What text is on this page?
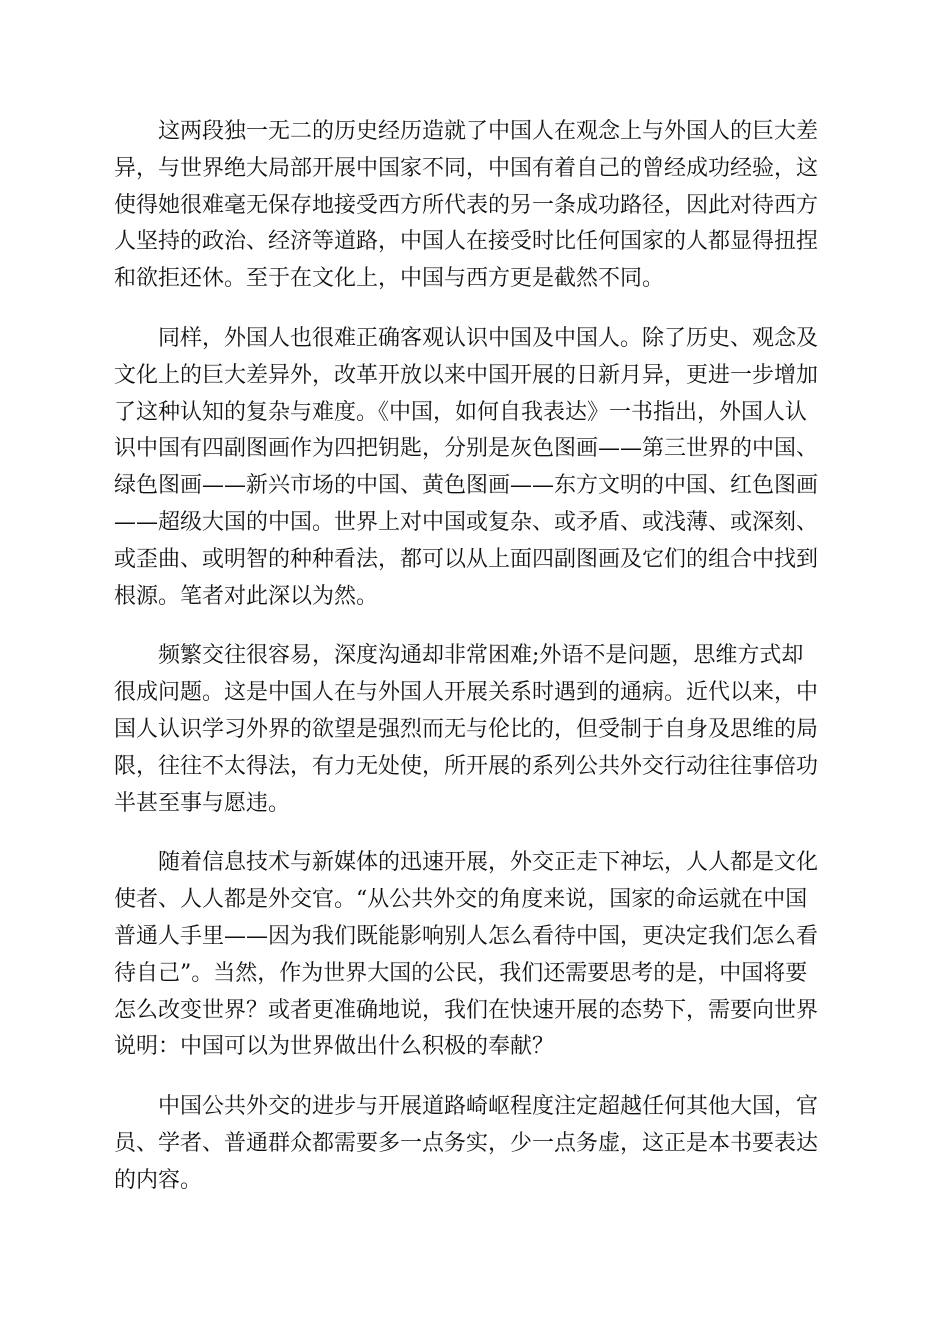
这两段独一无二的历史经历造就了中国人在观念上与外国人的巨大差
异，与世界绝大局部开展中国家不同，中国有着自己的曾经成功经验，这
使得她很难毫无保存地接受西方所代表的另一条成功路径，因此对待西方
人坚持的政治、经济等道路，中国人在接受时比任何国家的人都显得扭捏
和欲拒还休。至于在文化上，中国与西方更是截然不同。

同样，外国人也很难正确客观认识中国及中国人。除了历史、观念及
文化上的巨大差异外，改革开放以来中国开展的日新月异，更进一步增加
了这种认知的复杂与难度。《中国，如何自我表达》一书指出，外国人认
识中国有四副图画作为四把钥匙，分别是灰色图画——第三世界的中国、
绿色图画——新兴市场的中国、黄色图画——东方文明的中国、红色图画
——超级大国的中国。世界上对中国或复杂、或矛盾、或浅薄、或深刻、
或歪曲、或明智的种种看法，都可以从上面四副图画及它们的组合中找到
根源。笔者对此深以为然。

频繁交往很容易，深度沟通却非常困难;外语不是问题，思维方式却
很成问题。这是中国人在与外国人开展关系时遇到的通病。近代以来，中
国人认识学习外界的欲望是强烈而无与伦比的，但受制于自身及思维的局
限，往往不太得法，有力无处使，所开展的系列公共外交行动往往事倍功
半甚至事与愿违。

随着信息技术与新媒体的迅速开展，外交正走下神坛，人人都是文化
使者、人人都是外交官。“从公共外交的角度来说，国家的命运就在中国
普通人手里——因为我们既能影响别人怎么看待中国，更决定我们怎么看
待自己”。当然，作为世界大国的公民，我们还需要思考的是，中国将要
怎么改变世界？或者更准确地说，我们在快速开展的态势下，需要向世界
说明：中国可以为世界做出什么积极的奉献？

中国公共外交的进步与开展道路崎岖程度注定超越任何其他大国，官
员、学者、普通群众都需要多一点务实，少一点务虚，这正是本书要表达
的内容。
